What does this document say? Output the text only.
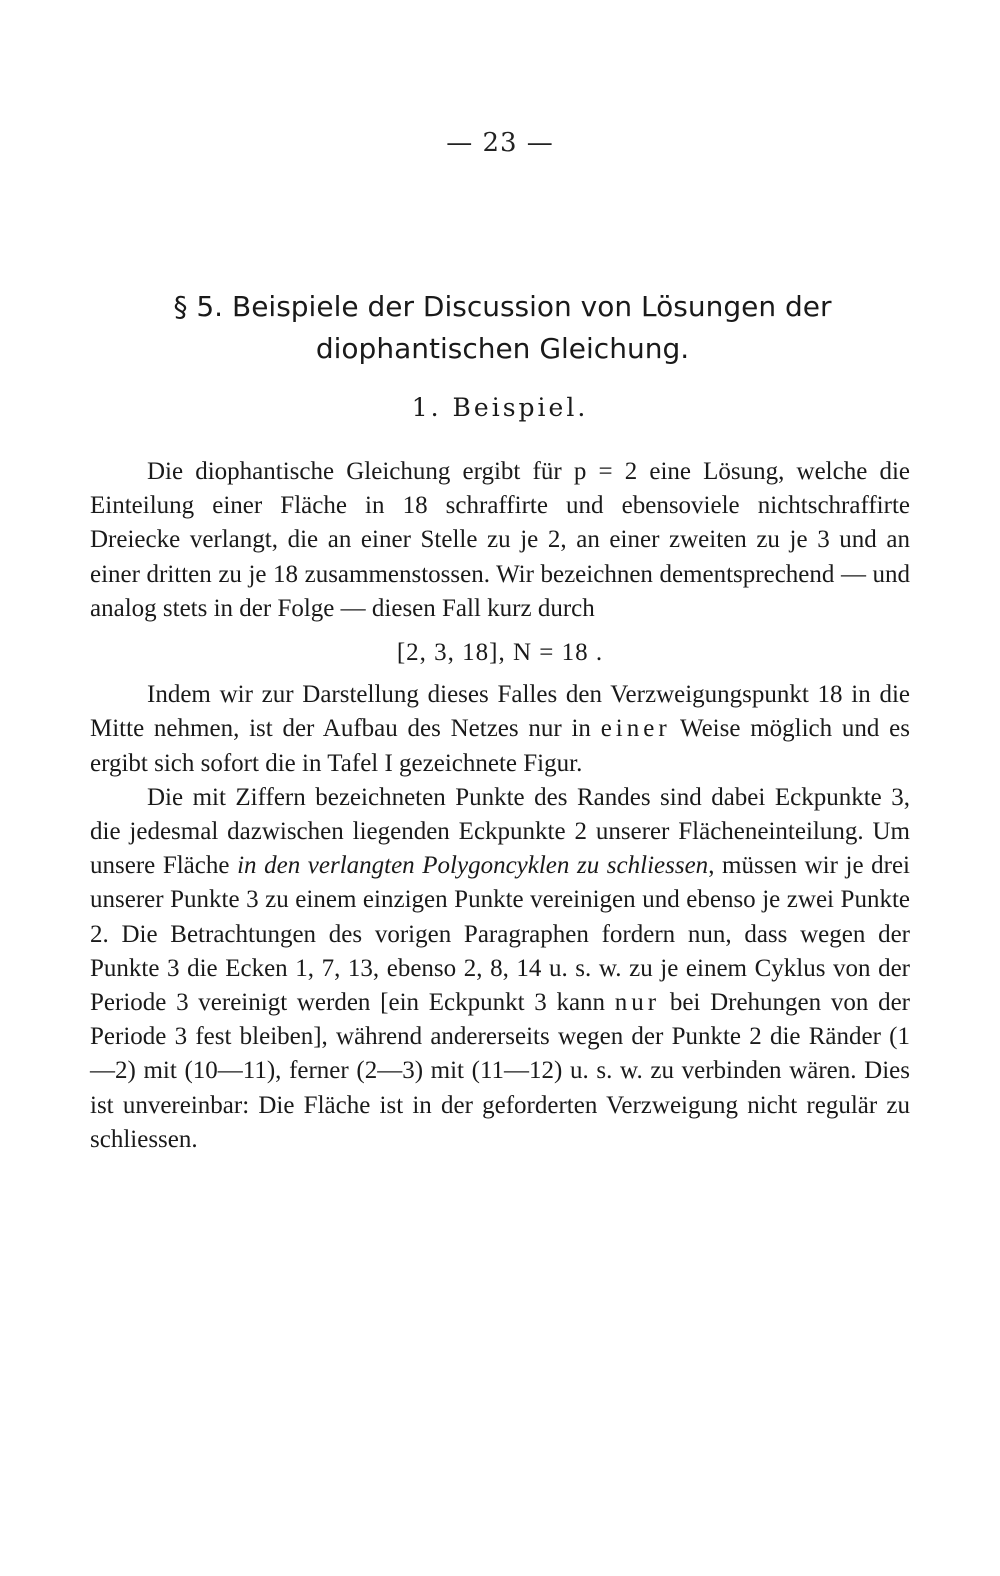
— 23 —
§ 5. Beispiele der Discussion von Lösungen der diophantischen Gleichung.
1. Beispiel.

Die diophantische Gleichung ergibt für p = 2 eine Lösung, welche die Einteilung einer Fläche in 18 schraffirte und ebensoviele nichtschraffirte Dreiecke verlangt, die an einer Stelle zu je 2, an einer zweiten zu je 3 und an einer dritten zu je 18 zusammenstossen. Wir bezeichnen dementsprechend — und analog stets in der Folge — diesen Fall kurz durch

[2, 3, 18], N = 18 .

Indem wir zur Darstellung dieses Falles den Verzweigungspunkt 18 in die Mitte nehmen, ist der Aufbau des Netzes nur in einer Weise möglich und es ergibt sich sofort die in Tafel I gezeichnete Figur.

Die mit Ziffern bezeichneten Punkte des Randes sind dabei Eckpunkte 3, die jedesmal dazwischen liegenden Eckpunkte 2 unserer Flächeneinteilung. Um unsere Fläche in den verlangten Polygoncyklen zu schliessen, müssen wir je drei unserer Punkte 3 zu einem einzigen Punkte vereinigen und ebenso je zwei Punkte 2. Die Betrachtungen des vorigen Paragraphen fordern nun, dass wegen der Punkte 3 die Ecken 1, 7, 13, ebenso 2, 8, 14 u. s. w. zu je einem Cyklus von der Periode 3 vereinigt werden [ein Eckpunkt 3 kann nur bei Drehungen von der Periode 3 fest bleiben], während andererseits wegen der Punkte 2 die Ränder (1—2) mit (10—11), ferner (2—3) mit (11—12) u. s. w. zu verbinden wären. Dies ist unvereinbar: Die Fläche ist in der geforderten Verzweigung nicht regulär zu schliessen.
